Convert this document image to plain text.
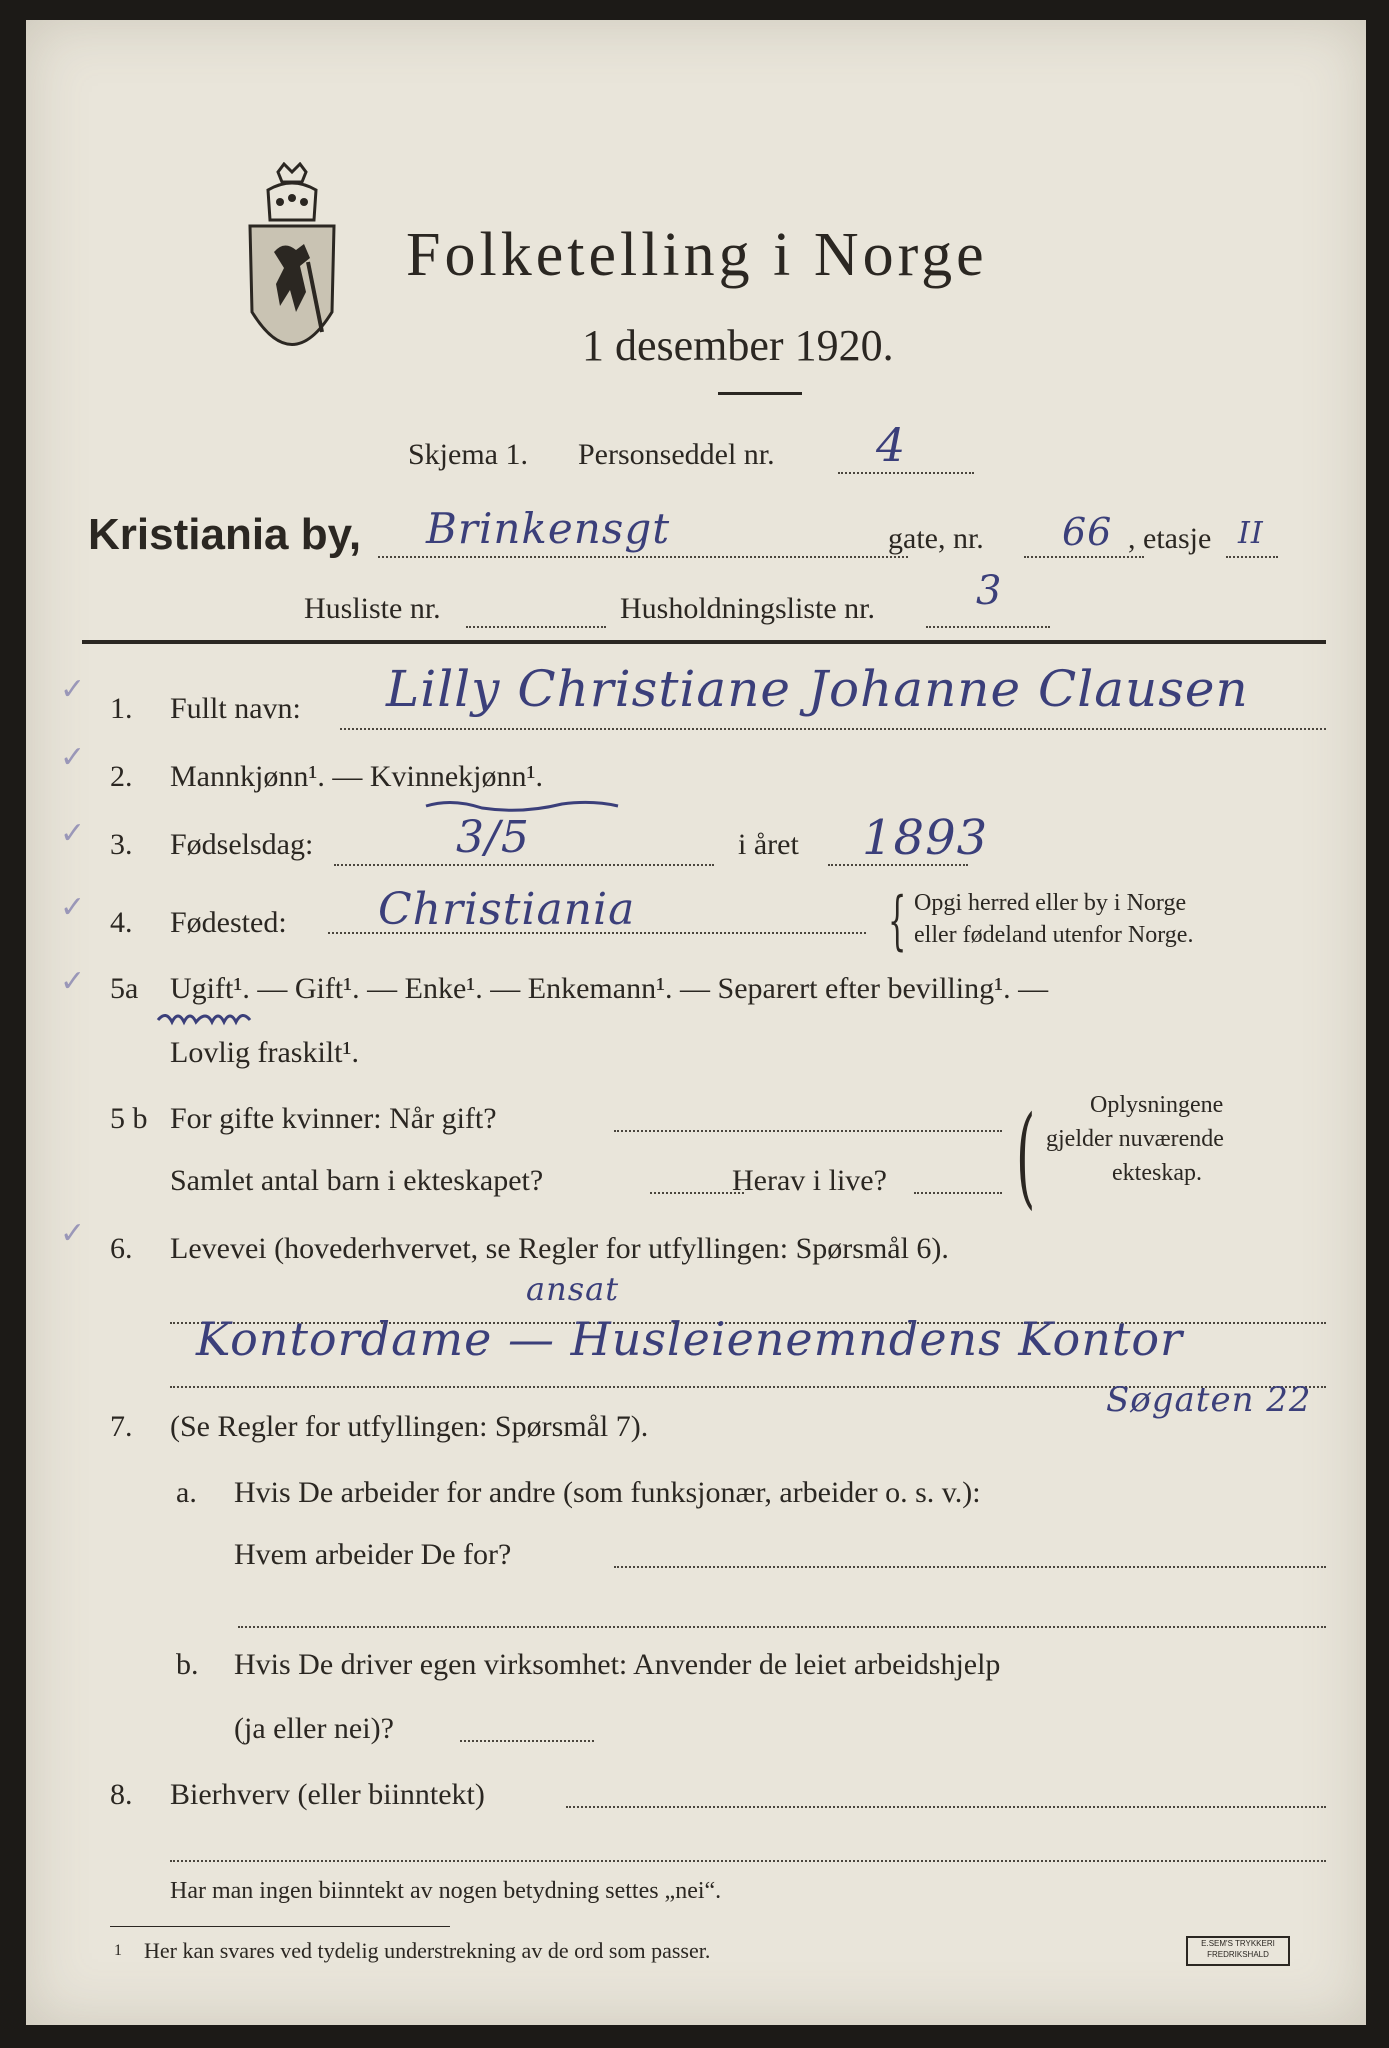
Folketelling i Norge
1 desember 1920.
Skjema 1. Personseddel nr. 4
Kristiania by, Brinkensgt	gate, nr. 66 , etasje II
Husliste nr.	Husholdningsliste nr.	3
✓
1. Fullt navn: Lilly Christiane Johanne Clausen
✓
2. Mannkjønn¹. — Kvinnekjønn¹.
✓ 3. Fødselsdag:	3/5	i året 1893
✓ 4. Fødested: Christiania	{ Opgi herred eller by i Norge
eller fødeland utenfor Norge.
✓ 5a Ugift¹. — Gift¹. — Enke¹. — Enkemann¹. — Separert efter bevilling¹. —
Lovlig fraskilt¹.
5 b For gifte kvinner: Når gift?
Samlet antal barn i ekteskapet?	Herav i live? ( Oplysningene
gjelder nuværende
ekteskap.
✓ 6. Levevei (hovederhvervet, se Regler for utfyllingen: Spørsmål 6).
ansat
Kontordame — Husleienemndens Kontor
Søgaten 22
7. (Se Regler for utfyllingen: Spørsmål 7).
a. Hvis De arbeider for andre (som funksjonær, arbeider o. s. v.):
Hvem arbeider De for?
b. Hvis De driver egen virksomhet: Anvender de leiet arbeidshjelp
(ja eller nei)?
8. Bierhverv (eller biinntekt)
Har man ingen biinntekt av nogen betydning settes „nei“.
1 Her kan svares ved tydelig understrekning av de ord som passer.	E.SEM'S TRYKKERI
FREDRIKSHALD
